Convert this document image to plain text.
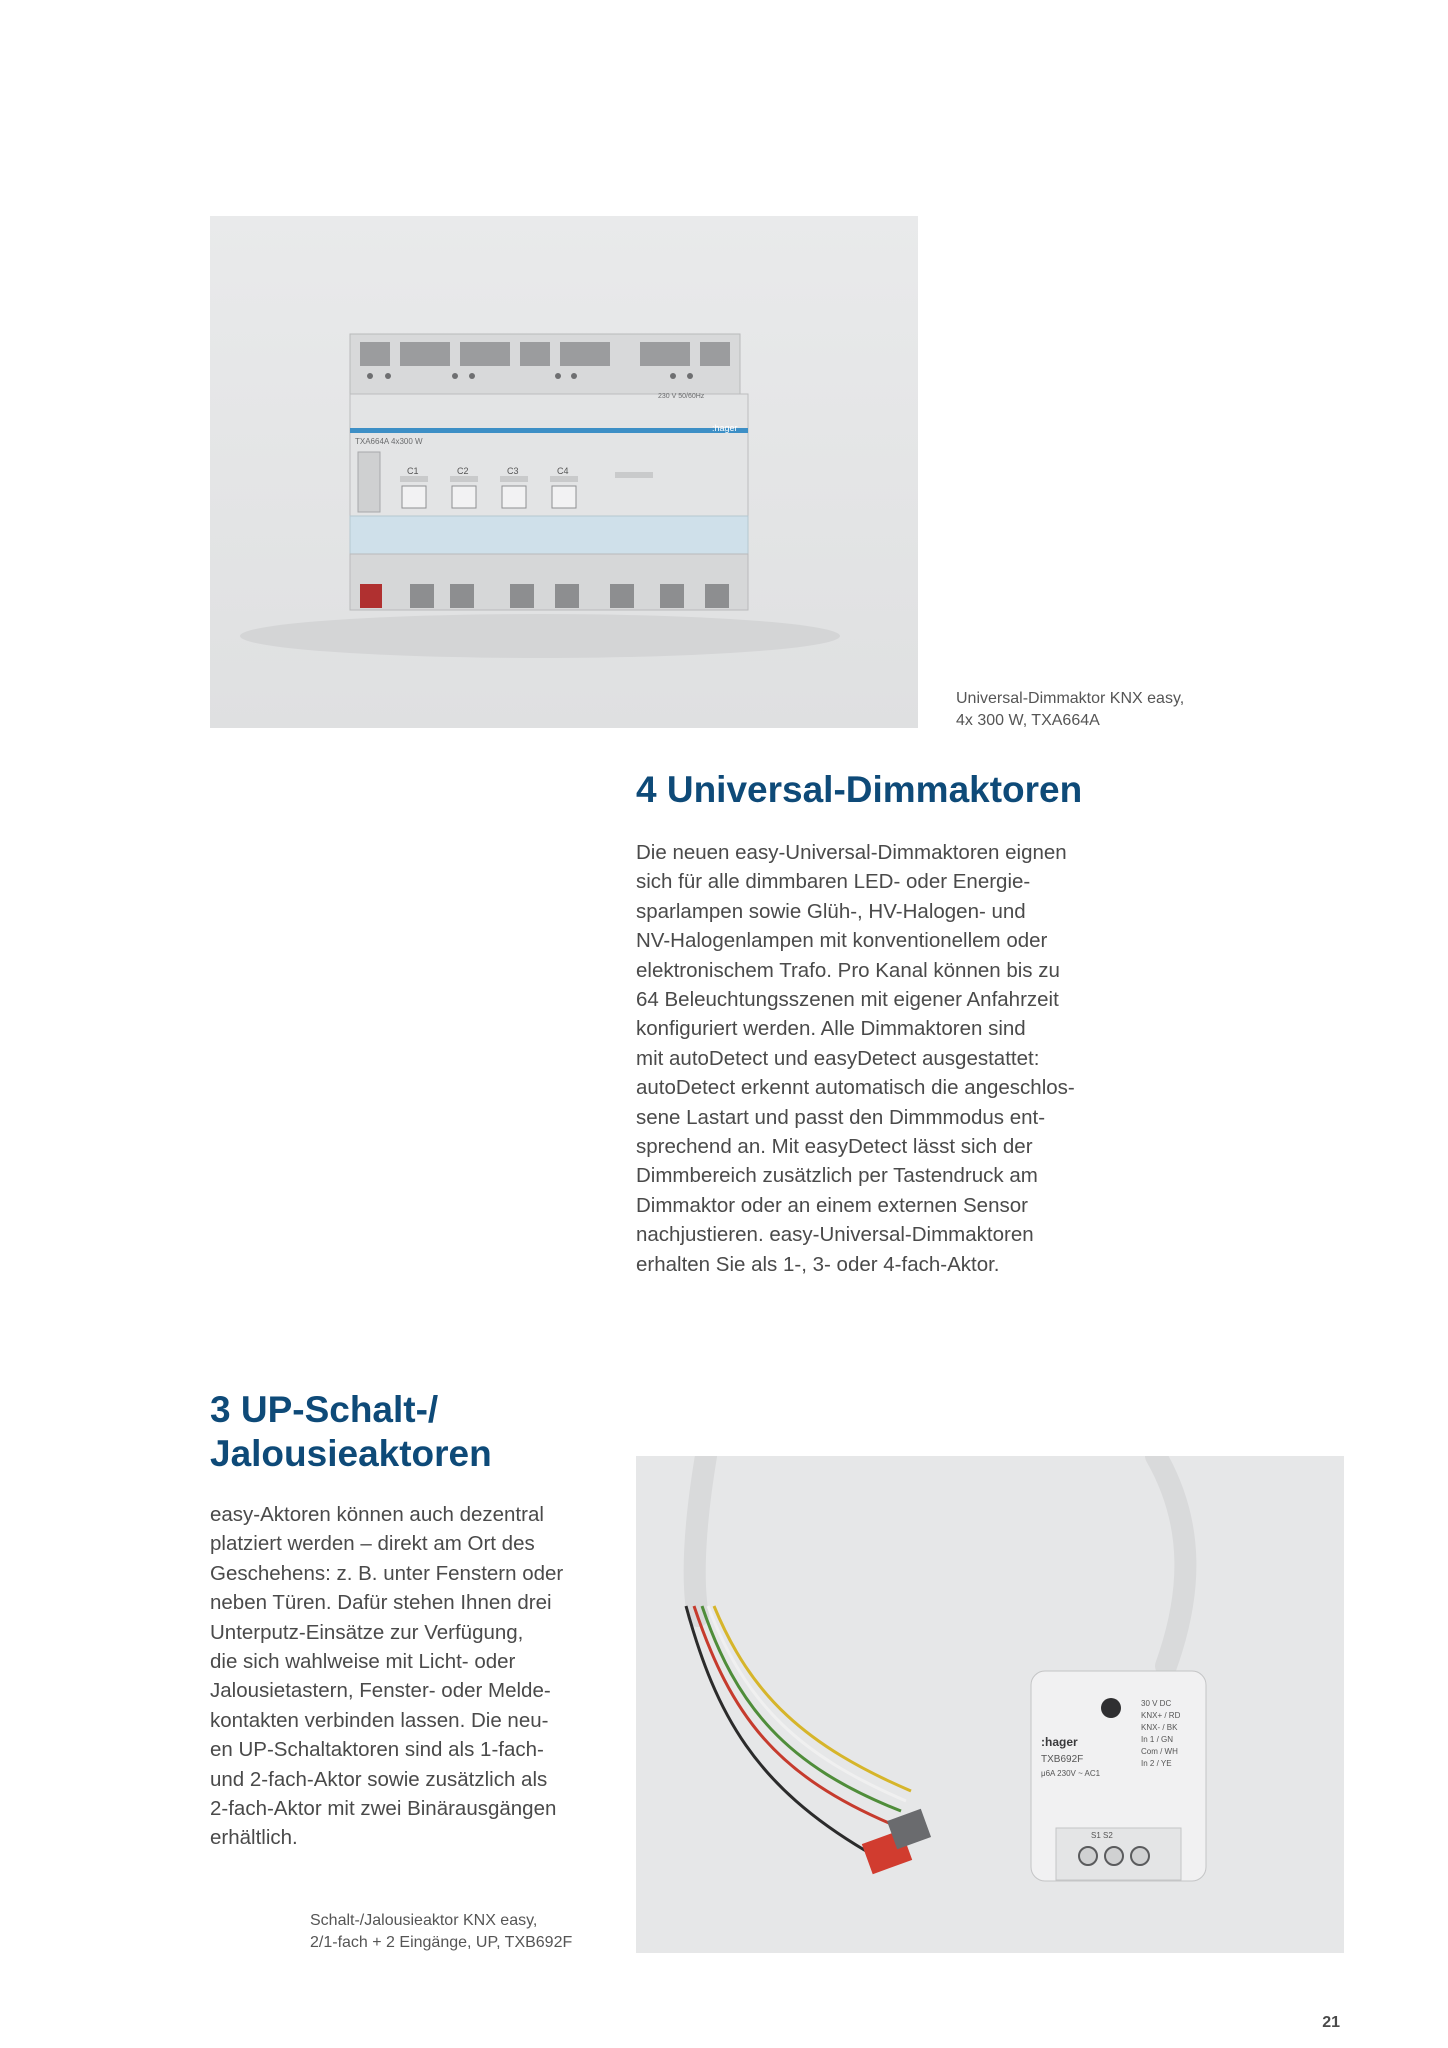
:hager
TXA664A 4x300 W
230 V 50/60Hz
C1	C2	C3	C4
Universal-Dimmaktor KNX easy,
4x 300 W, TXA664A
4 Universal-Dimmaktoren
Die neuen easy-Universal-Dimmaktoren eignen
sich für alle dimmbaren LED- oder Energie-
sparlampen sowie Glüh-, HV-Halogen- und
NV-Halogenlampen mit konventionellem oder
elektronischem Trafo. Pro Kanal können bis zu
64 Beleuchtungsszenen mit eigener Anfahrzeit
konfiguriert werden. Alle Dimmaktoren sind
mit autoDetect und easyDetect ausgestattet:
autoDetect erkennt automatisch die angeschlos-
sene Lastart und passt den Dimmmodus ent-
sprechend an. Mit easyDetect lässt sich der
Dimmbereich zusätzlich per Tastendruck am
Dimmaktor oder an einem externen Sensor
nachjustieren. easy-Universal-Dimmaktoren
erhalten Sie als 1-, 3- oder 4-fach-Aktor.
3 UP-Schalt-/
Jalousieaktoren
easy-Aktoren können auch dezentral
platziert werden – direkt am Ort des
Geschehens: z. B. unter Fenstern oder
neben Türen. Dafür stehen Ihnen drei
Unterputz-Einsätze zur Verfügung,
die sich wahlweise mit Licht- oder
Jalousietastern, Fenster- oder Melde-
kontakten verbinden lassen. Die neu-
en UP-Schaltaktoren sind als 1-fach-
und 2-fach-Aktor sowie zusätzlich als
2-fach-Aktor mit zwei Binärausgängen
erhältlich.
Schalt-/Jalousieaktor KNX easy,
2/1-fach + 2 Eingänge, UP, TXB692F
:hager
TXB692F
μ6A 230V ~ AC1
30 V DC
KNX+ / RD
KNX- / BK
In 1 / GN
Com / WH
In 2 / YE
S1 S2
21
